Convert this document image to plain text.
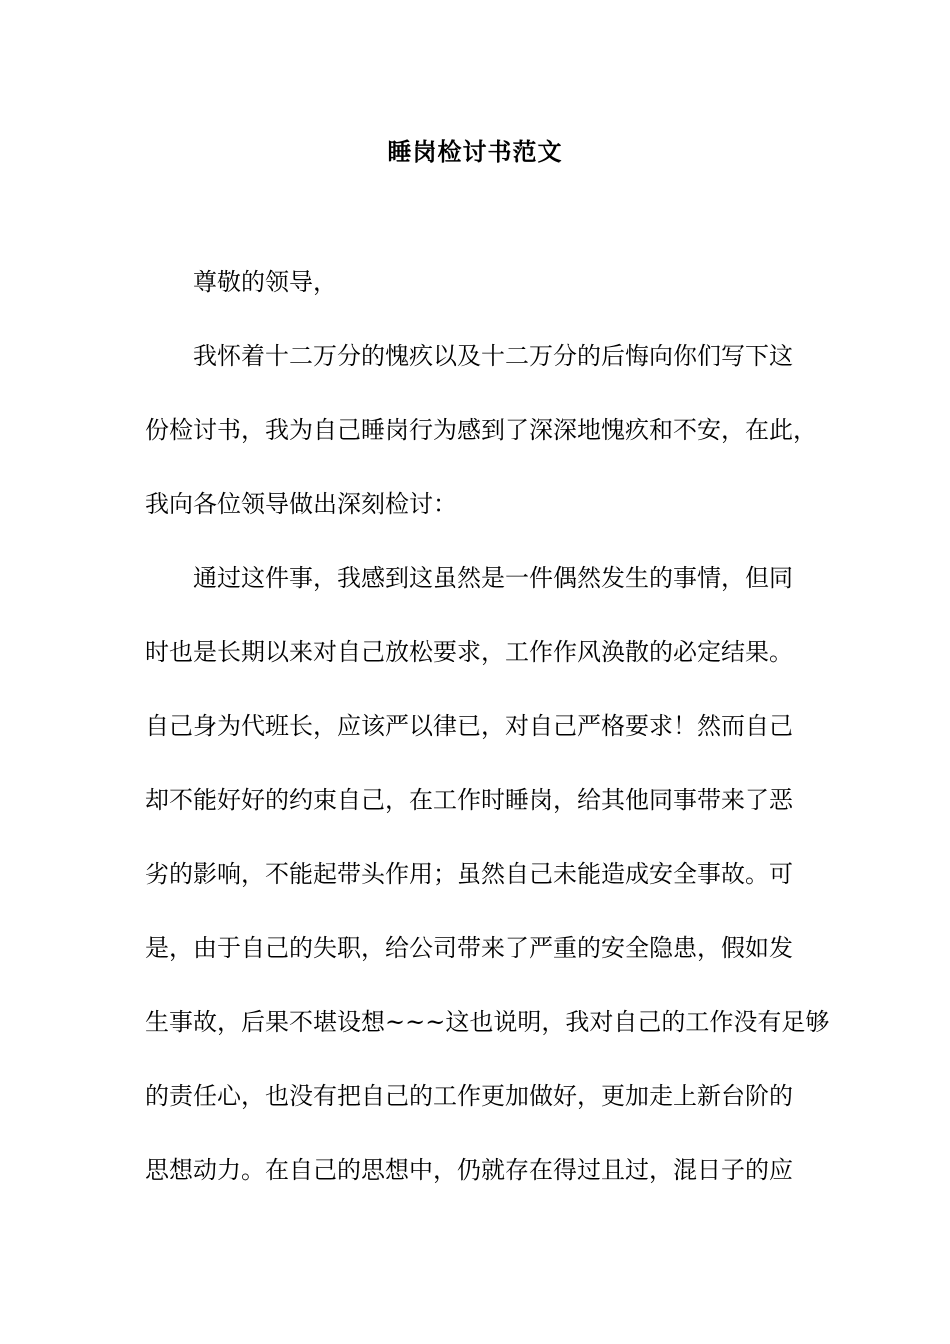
睡岗检讨书范文
尊敬的领导，
我怀着十二万分的愧疚以及十二万分的后悔向你们写下这
份检讨书，我为自己睡岗行为感到了深深地愧疚和不安，在此，
我向各位领导做出深刻检讨：
通过这件事，我感到这虽然是一件偶然发生的事情，但同
时也是长期以来对自己放松要求，工作作风涣散的必定结果。
自己身为代班长，应该严以律已，对自己严格要求！然而自己
却不能好好的约束自己，在工作时睡岗，给其他同事带来了恶
劣的影响，不能起带头作用；虽然自己未能造成安全事故。可
是，由于自己的失职，给公司带来了严重的安全隐患，假如发
生事故，后果不堪设想~~~这也说明，我对自己的工作没有足够
的责任心，也没有把自己的工作更加做好，更加走上新台阶的
思想动力。在自己的思想中，仍就存在得过且过，混日子的应
